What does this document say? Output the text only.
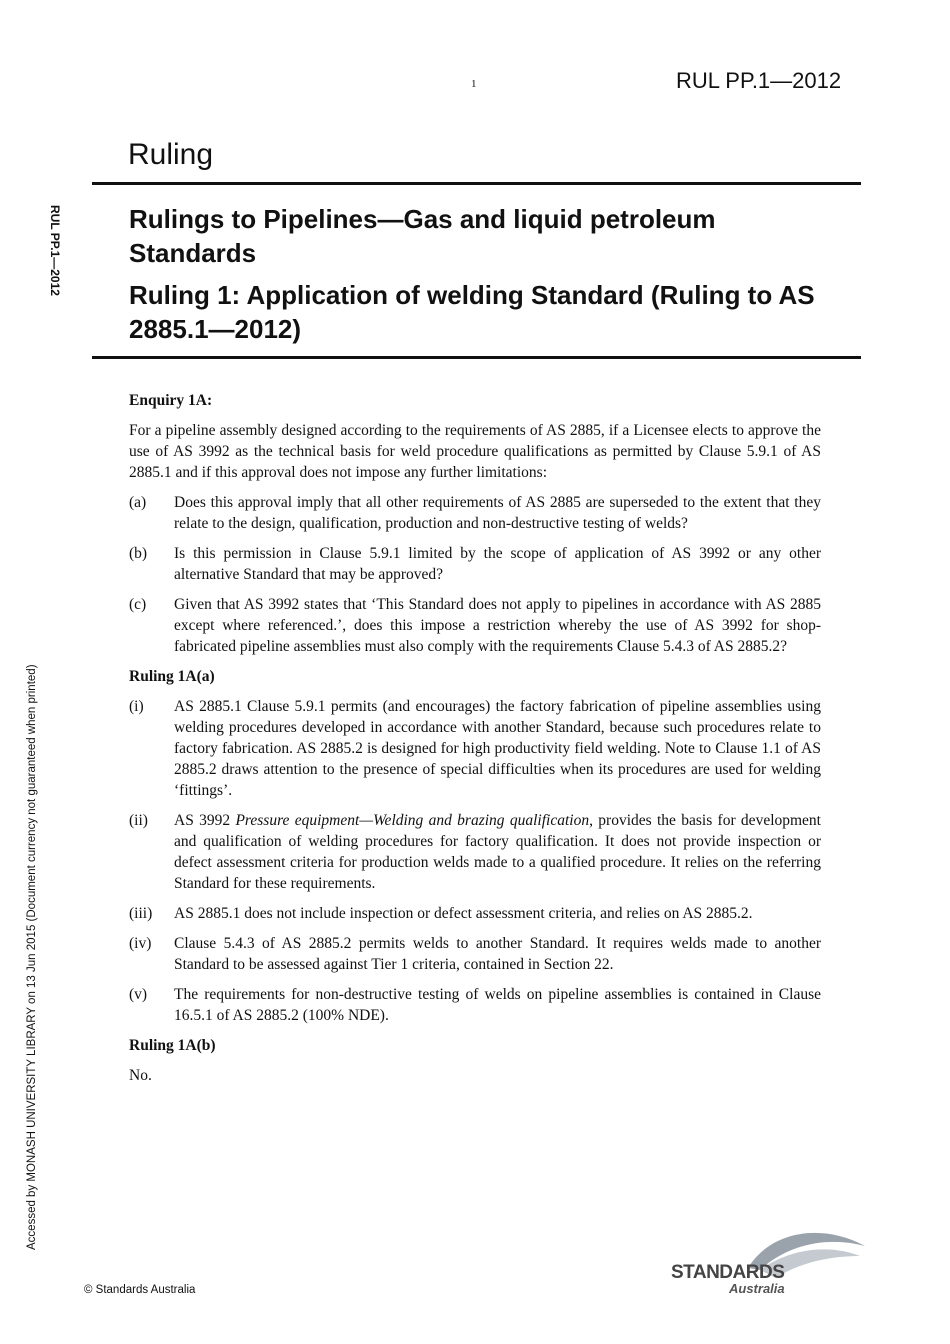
1	RUL PP.1—2012
Ruling
RUL PP.1—2012
Accessed by MONASH UNIVERSITY LIBRARY on 13 Jun 2015 (Document currency not guaranteed when printed)
Rulings to Pipelines—Gas and liquid petroleum Standards
Ruling 1: Application of welding Standard (Ruling to AS 2885.1—2012)

Enquiry 1A:

For a pipeline assembly designed according to the requirements of AS 2885, if a Licensee elects to approve the use of AS 3992 as the technical basis for weld procedure qualifications as permitted by Clause 5.9.1 of AS 2885.1 and if this approval does not impose any further limitations:

(a)	Does this approval imply that all other requirements of AS 2885 are superseded to the extent that they relate to the design, qualification, production and non-destructive testing of welds?
(b)	Is this permission in Clause 5.9.1 limited by the scope of application of AS 3992 or any other alternative Standard that may be approved?
(c)	Given that AS 3992 states that ‘This Standard does not apply to pipelines in accordance with AS 2885 except where referenced.’, does this impose a restriction whereby the use of AS 3992 for shop-fabricated pipeline assemblies must also comply with the requirements Clause 5.4.3 of AS 2885.2?

Ruling 1A(a)

(i)	AS 2885.1 Clause 5.9.1 permits (and encourages) the factory fabrication of pipeline assemblies using welding procedures developed in accordance with another Standard, because such procedures relate to factory fabrication. AS 2885.2 is designed for high productivity field welding. Note to Clause 1.1 of AS 2885.2 draws attention to the presence of special difficulties when its procedures are used for welding ‘fittings’.
(ii)	AS 3992 Pressure equipment—Welding and brazing qualification, provides the basis for development and qualification of welding procedures for factory qualification. It does not provide inspection or defect assessment criteria for production welds made to a qualified procedure. It relies on the referring Standard for these requirements.
(iii)	AS 2885.1 does not include inspection or defect assessment criteria, and relies on AS 2885.2.
(iv)	Clause 5.4.3 of AS 2885.2 permits welds to another Standard. It requires welds made to another Standard to be assessed against Tier 1 criteria, contained in Section 22.
(v)	The requirements for non-destructive testing of welds on pipeline assemblies is contained in Clause 16.5.1 of AS 2885.2 (100% NDE).

Ruling 1A(b)

No.

© Standards Australia
STANDARDS
Australia
